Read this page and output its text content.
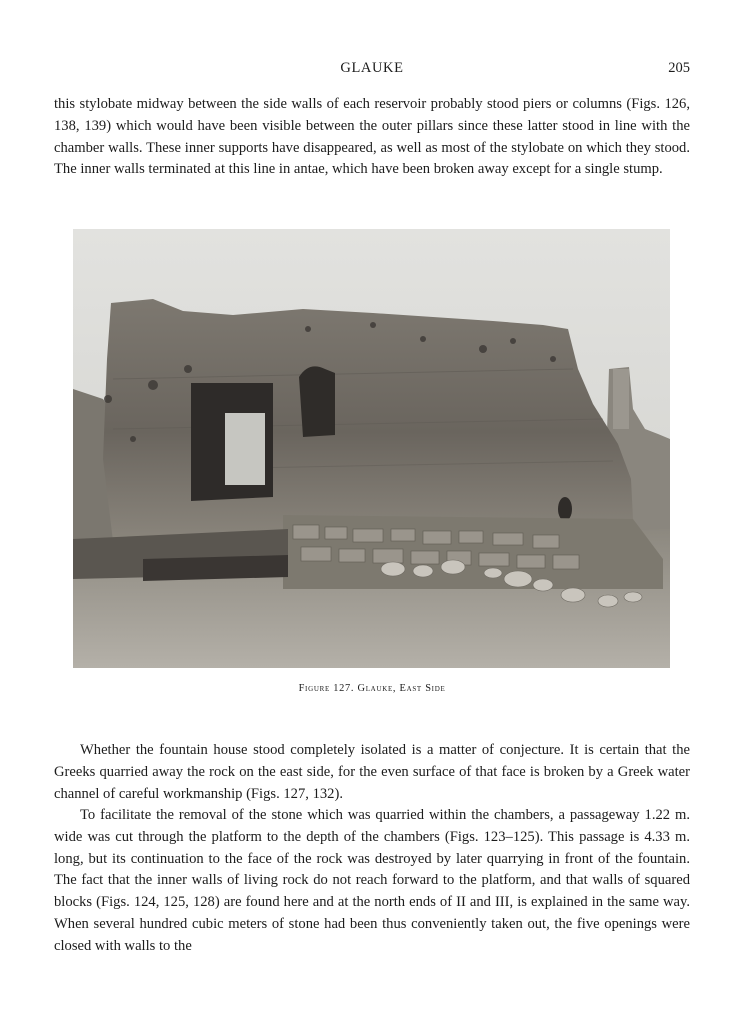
GLAUKE	205

this stylobate midway between the side walls of each reservoir probably stood piers or columns (Figs. 126, 138, 139) which would have been visible between the outer pillars since these latter stood in line with the chamber walls. These inner supports have disappeared, as well as most of the stylobate on which they stood. The inner walls terminated at this line in antae, which have been broken away except for a single stump.

Figure 127. Glauke, East Side

Whether the fountain house stood completely isolated is a matter of conjecture. It is certain that the Greeks quarried away the rock on the east side, for the even surface of that face is broken by a Greek water channel of careful workmanship (Figs. 127, 132).

To facilitate the removal of the stone which was quarried within the chambers, a passageway 1.22 m. wide was cut through the platform to the depth of the chambers (Figs. 123–125). This passage is 4.33 m. long, but its continuation to the face of the rock was destroyed by later quarrying in front of the fountain. The fact that the inner walls of living rock do not reach forward to the platform, and that walls of squared blocks (Figs. 124, 125, 128) are found here and at the north ends of II and III, is explained in the same way. When several hundred cubic meters of stone had been thus conveniently taken out, the five openings were closed with walls to the
